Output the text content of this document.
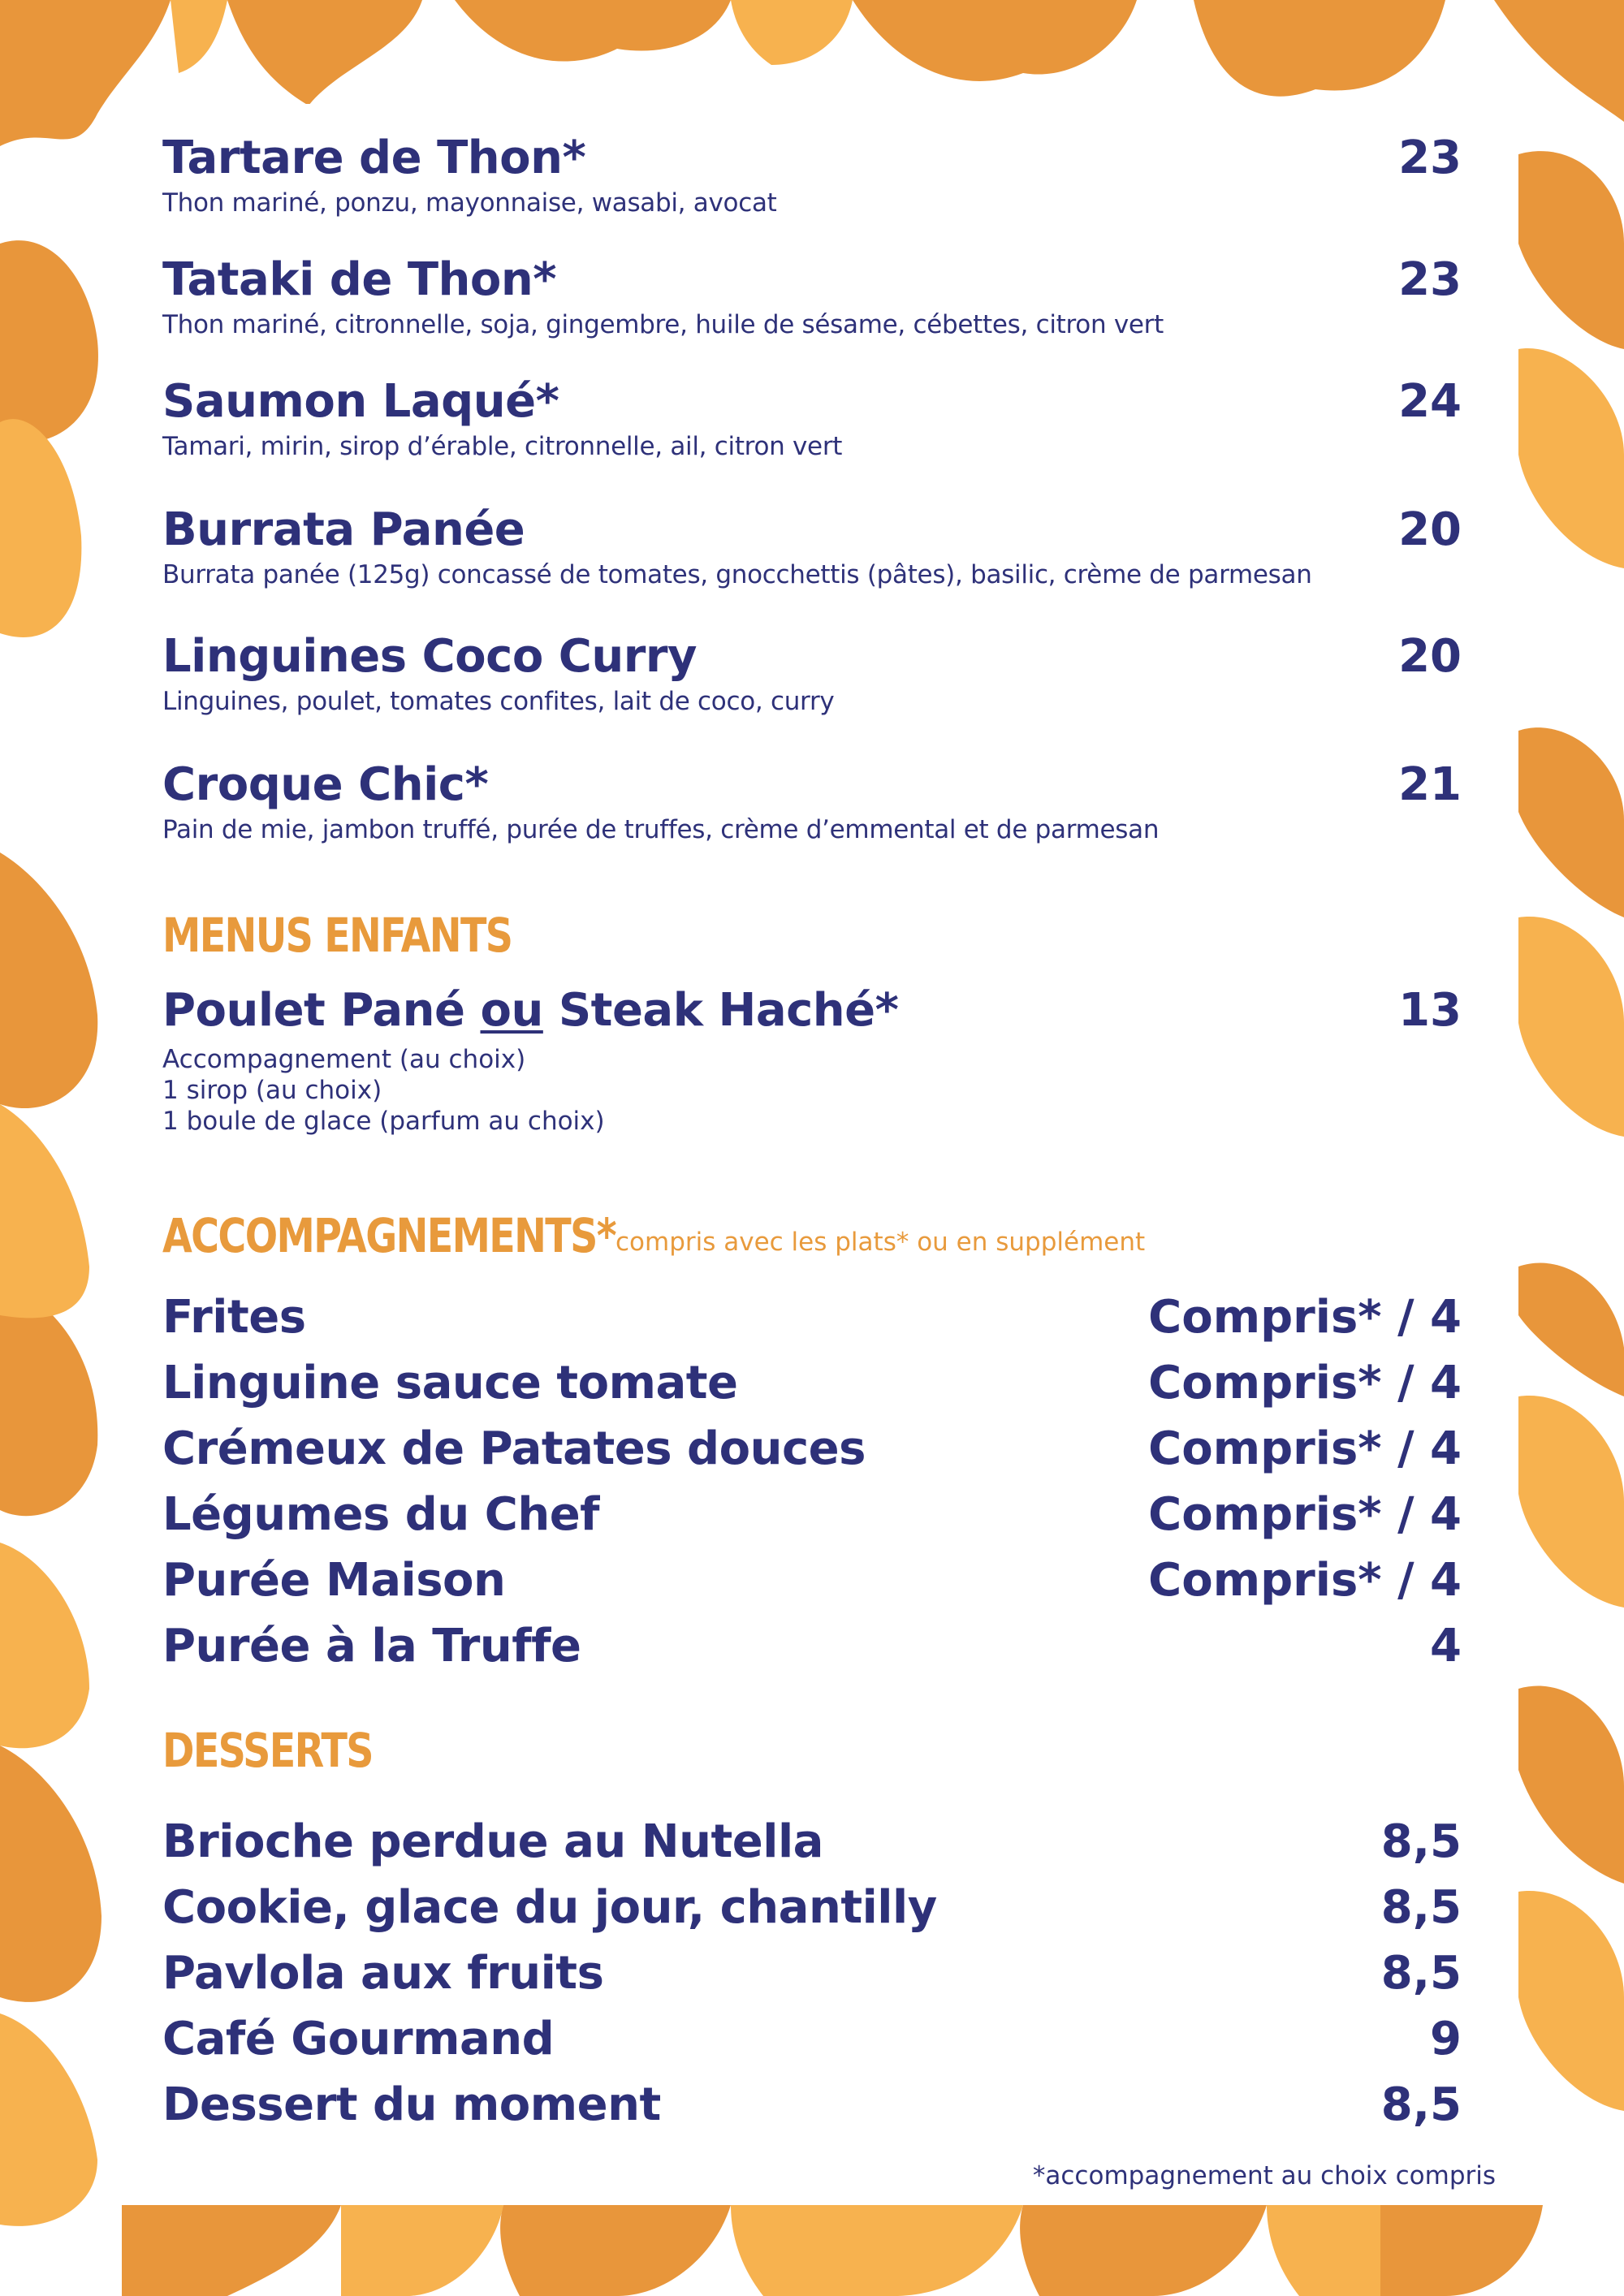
Tartare de Thon*	23
Thon mariné, ponzu, mayonnaise, wasabi, avocat
Tataki de Thon*	23
Thon mariné, citronnelle, soja, gingembre, huile de sésame, cébettes, citron vert
Saumon Laqué*	24
Tamari, mirin, sirop d’érable, citronnelle, ail, citron vert
Burrata Panée	20
Burrata panée (125g) concassé de tomates, gnocchettis (pâtes), basilic, crème de parmesan
Linguines Coco Curry	20
Linguines, poulet, tomates confites, lait de coco, curry
Croque Chic*	21
Pain de mie, jambon truffé, purée de truffes, crème d’emmental et de parmesan
MENUS ENFANTS
Poulet Pané ou Steak Haché*	13
Accompagnement (au choix)
1 sirop (au choix)
1 boule de glace (parfum au choix)
ACCOMPAGNEMENTS* compris avec les plats* ou en supplément
Frites	Compris* / 4
Linguine sauce tomate	Compris* / 4
Crémeux de Patates douces	Compris* / 4
Légumes du Chef	Compris* / 4
Purée Maison	Compris* / 4
Purée à la Truffe	4
DESSERTS
Brioche perdue au Nutella	8,5
Cookie, glace du jour, chantilly	8,5
Pavlola aux fruits	8,5
Café Gourmand	9
Dessert du moment	8,5
*accompagnement au choix compris
